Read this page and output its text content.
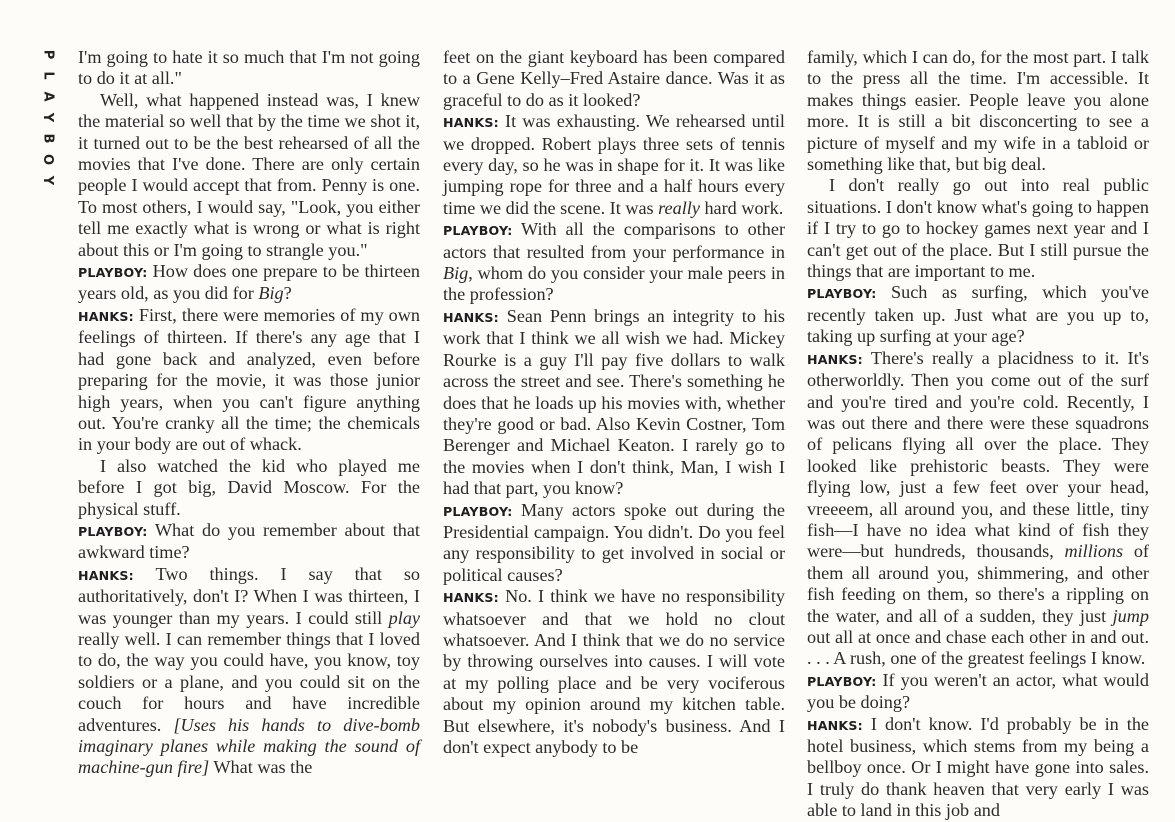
P
L
A
Y
B
O
Y

I'm going to hate it so much that I'm not going to do it at all."

Well, what happened instead was, I knew the material so well that by the time we shot it, it turned out to be the best rehearsed of all the movies that I've done. There are only certain people I would accept that from. Penny is one. To most others, I would say, "Look, you either tell me exactly what is wrong or what is right about this or I'm going to strangle you."

PLAYBOY: How does one prepare to be thirteen years old, as you did for Big?

HANKS: First, there were memories of my own feelings of thirteen. If there's any age that I had gone back and analyzed, even before preparing for the movie, it was those junior high years, when you can't figure anything out. You're cranky all the time; the chemicals in your body are out of whack.

I also watched the kid who played me before I got big, David Moscow. For the physical stuff.

PLAYBOY: What do you remember about that awkward time?

HANKS: Two things. I say that so authoritatively, don't I? When I was thirteen, I was younger than my years. I could still play really well. I can remember things that I loved to do, the way you could have, you know, toy soldiers or a plane, and you could sit on the couch for hours and have incredible adventures. [Uses his hands to dive-bomb imaginary planes while making the sound of machine-gun fire] What was the

feet on the giant keyboard has been compared to a Gene Kelly–Fred Astaire dance. Was it as graceful to do as it looked?

HANKS: It was exhausting. We rehearsed until we dropped. Robert plays three sets of tennis every day, so he was in shape for it. It was like jumping rope for three and a half hours every time we did the scene. It was really hard work.

PLAYBOY: With all the comparisons to other actors that resulted from your performance in Big, whom do you consider your male peers in the profession?

HANKS: Sean Penn brings an integrity to his work that I think we all wish we had. Mickey Rourke is a guy I'll pay five dollars to walk across the street and see. There's something he does that he loads up his movies with, whether they're good or bad. Also Kevin Costner, Tom Berenger and Michael Keaton. I rarely go to the movies when I don't think, Man, I wish I had that part, you know?

PLAYBOY: Many actors spoke out during the Presidential campaign. You didn't. Do you feel any responsibility to get involved in social or political causes?

HANKS: No. I think we have no responsibility whatsoever and that we hold no clout whatsoever. And I think that we do no service by throwing ourselves into causes. I will vote at my polling place and be very vociferous about my opinion around my kitchen table. But elsewhere, it's nobody's business. And I don't expect anybody to be

family, which I can do, for the most part. I talk to the press all the time. I'm accessible. It makes things easier. People leave you alone more. It is still a bit disconcerting to see a picture of myself and my wife in a tabloid or something like that, but big deal.

I don't really go out into real public situations. I don't know what's going to happen if I try to go to hockey games next year and I can't get out of the place. But I still pursue the things that are important to me.

PLAYBOY: Such as surfing, which you've recently taken up. Just what are you up to, taking up surfing at your age?

HANKS: There's really a placidness to it. It's otherworldly. Then you come out of the surf and you're tired and you're cold. Recently, I was out there and there were these squadrons of pelicans flying all over the place. They looked like prehistoric beasts. They were flying low, just a few feet over your head, vreeeem, all around you, and these little, tiny fish—I have no idea what kind of fish they were—but hundreds, thousands, millions of them all around you, shimmering, and other fish feeding on them, so there's a rippling on the water, and all of a sudden, they just jump out all at once and chase each other in and out. . . . A rush, one of the greatest feelings I know.

PLAYBOY: If you weren't an actor, what would you be doing?

HANKS: I don't know. I'd probably be in the hotel business, which stems from my being a bellboy once. Or I might have gone into sales. I truly do thank heaven that very early I was able to land in this job and
